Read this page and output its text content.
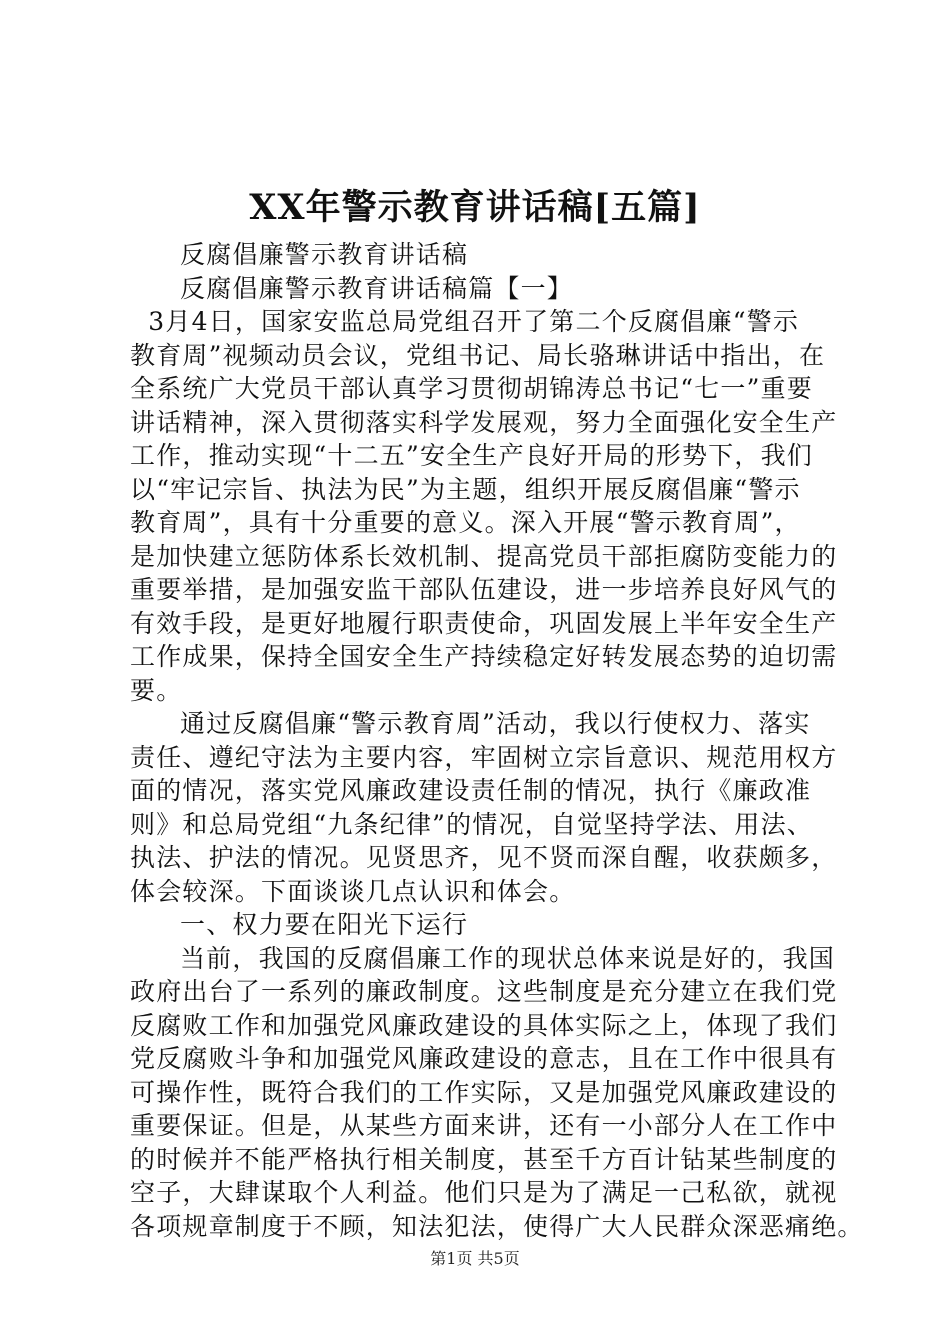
XX年警示教育讲话稿[五篇]
反腐倡廉警示教育讲话稿
反腐倡廉警示教育讲话稿篇【一】
3月4日，国家安监总局党组召开了第二个反腐倡廉“警示
教育周”视频动员会议，党组书记、局长骆琳讲话中指出，在
全系统广大党员干部认真学习贯彻胡锦涛总书记“七一”重要
讲话精神，深入贯彻落实科学发展观，努力全面强化安全生产
工作，推动实现“十二五”安全生产良好开局的形势下，我们
以“牢记宗旨、执法为民”为主题，组织开展反腐倡廉“警示
教育周”，具有十分重要的意义。深入开展“警示教育周”，
是加快建立惩防体系长效机制、提高党员干部拒腐防变能力的
重要举措，是加强安监干部队伍建设，进一步培养良好风气的
有效手段，是更好地履行职责使命，巩固发展上半年安全生产
工作成果，保持全国安全生产持续稳定好转发展态势的迫切需
要。
通过反腐倡廉“警示教育周”活动，我以行使权力、落实
责任、遵纪守法为主要内容，牢固树立宗旨意识、规范用权方
面的情况，落实党风廉政建设责任制的情况，执行《廉政准
则》和总局党组“九条纪律”的情况，自觉坚持学法、用法、
执法、护法的情况。见贤思齐，见不贤而深自醒，收获颇多，
体会较深。下面谈谈几点认识和体会。
一、权力要在阳光下运行
当前，我国的反腐倡廉工作的现状总体来说是好的，我国
政府出台了一系列的廉政制度。这些制度是充分建立在我们党
反腐败工作和加强党风廉政建设的具体实际之上，体现了我们
党反腐败斗争和加强党风廉政建设的意志，且在工作中很具有
可操作性，既符合我们的工作实际，又是加强党风廉政建设的
重要保证。但是，从某些方面来讲，还有一小部分人在工作中
的时候并不能严格执行相关制度，甚至千方百计钻某些制度的
空子，大肆谋取个人利益。他们只是为了满足一己私欲，就视
各项规章制度于不顾，知法犯法，使得广大人民群众深恶痛绝。
第1页 共5页
